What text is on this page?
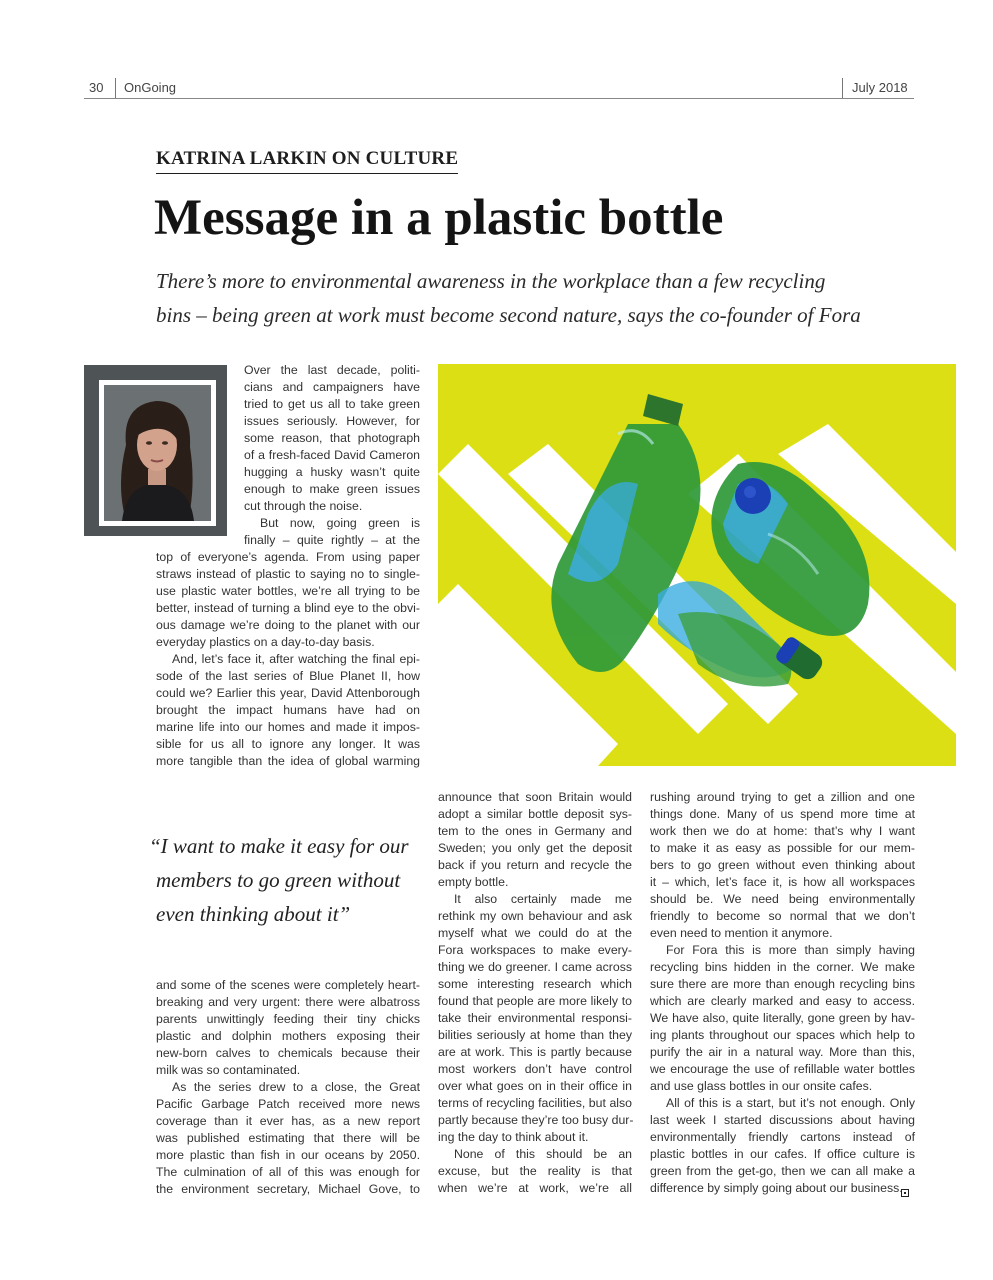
30 OnGoing	July 2018
KATRINA LARKIN ON CULTURE
Message in a plastic bottle

There’s more to environmental awareness in the workplace than a few recycling
bins – being green at work must become second nature, says the co-founder of Fora

Over the last decade, politi-
cians and campaigners have
tried to get us all to take green
issues seriously. However, for
some reason, that photograph
of a fresh-faced David Cameron
hugging a husky wasn’t quite
enough to make green issues
cut through the noise.
But now, going green is
finally – quite rightly – at the
top of everyone’s agenda. From using paper
straws instead of plastic to saying no to single-
use plastic water bottles, we’re all trying to be
better, instead of turning a blind eye to the obvi-
ous damage we’re doing to the planet with our
everyday plastics on a day-to-day basis.
And, let’s face it, after watching the final epi-
sode of the last series of Blue Planet II, how
could we? Earlier this year, David Attenborough
brought the impact humans have had on
marine life into our homes and made it impos-
sible for us all to ignore any longer. It was
more tangible than the idea of global warming
“I want to make it easy for our
members to go green without
even thinking about it”
and some of the scenes were completely heart-
breaking and very urgent: there were albatross
parents unwittingly feeding their tiny chicks
plastic and dolphin mothers exposing their
new-born calves to chemicals because their
milk was so contaminated.
As the series drew to a close, the Great
Pacific Garbage Patch received more news
coverage than it ever has, as a new report
was published estimating that there will be
more plastic than fish in our oceans by 2050.
The culmination of all of this was enough for
the environment secretary, Michael Gove, to
announce that soon Britain would
adopt a similar bottle deposit sys-
tem to the ones in Germany and
Sweden; you only get the deposit
back if you return and recycle the
empty bottle.
It also certainly made me
rethink my own behaviour and ask
myself what we could do at the
Fora workspaces to make every-
thing we do greener. I came across
some interesting research which
found that people are more likely to
take their environmental responsi-
bilities seriously at home than they
are at work. This is partly because
most workers don’t have control
over what goes on in their office in
terms of recycling facilities, but also
partly because they’re too busy dur-
ing the day to think about it.
None of this should be an
excuse, but the reality is that
when we’re at work, we’re all
rushing around trying to get a zillion and one
things done. Many of us spend more time at
work then we do at home: that’s why I want
to make it as easy as possible for our mem-
bers to go green without even thinking about
it – which, let’s face it, is how all workspaces
should be. We need being environmentally
friendly to become so normal that we don’t
even need to mention it anymore.
For Fora this is more than simply having
recycling bins hidden in the corner. We make
sure there are more than enough recycling bins
which are clearly marked and easy to access.
We have also, quite literally, gone green by hav-
ing plants throughout our spaces which help to
purify the air in a natural way. More than this,
we encourage the use of refillable water bottles
and use glass bottles in our onsite cafes.
All of this is a start, but it’s not enough. Only
last week I started discussions about having
environmentally friendly cartons instead of
plastic bottles in our cafes. If office culture is
green from the get-go, then we can all make a
difference by simply going about our business.
